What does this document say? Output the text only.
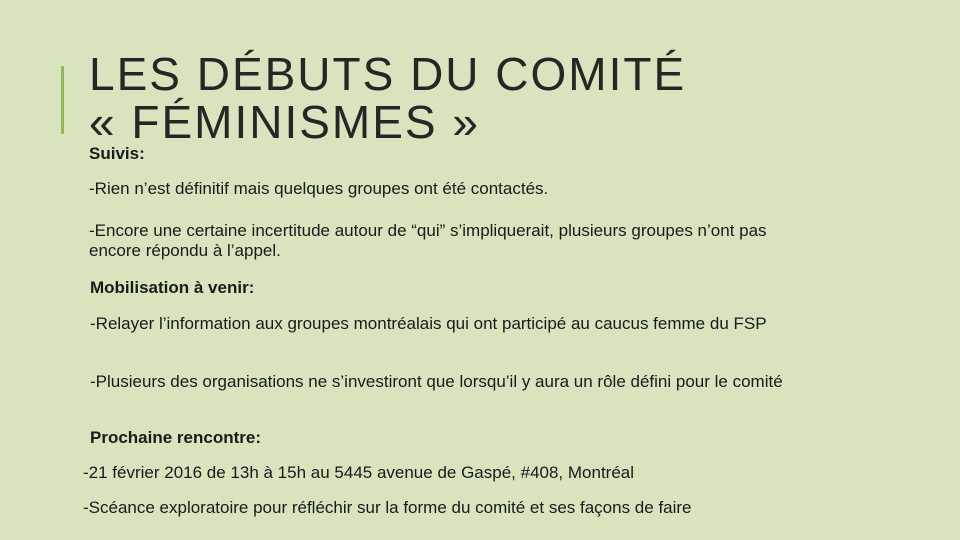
LES DÉBUTS DU COMITÉ
« FÉMINISMES »

Suivis:

-Rien n’est définitif mais quelques groupes ont été contactés.

-Encore une certaine incertitude autour de “qui” s’impliquerait, plusieurs groupes n’ont pas encore répondu à l’appel.

Mobilisation à venir:

-Relayer l’information aux groupes montréalais qui ont participé au caucus femme du FSP

-Plusieurs des organisations ne s’investiront que lorsqu’il y aura un rôle défini pour le comité

Prochaine rencontre:

-21 février 2016 de 13h à 15h au 5445 avenue de Gaspé, #408, Montréal

-Scéance exploratoire pour réfléchir sur la forme du comité et ses façons de faire
